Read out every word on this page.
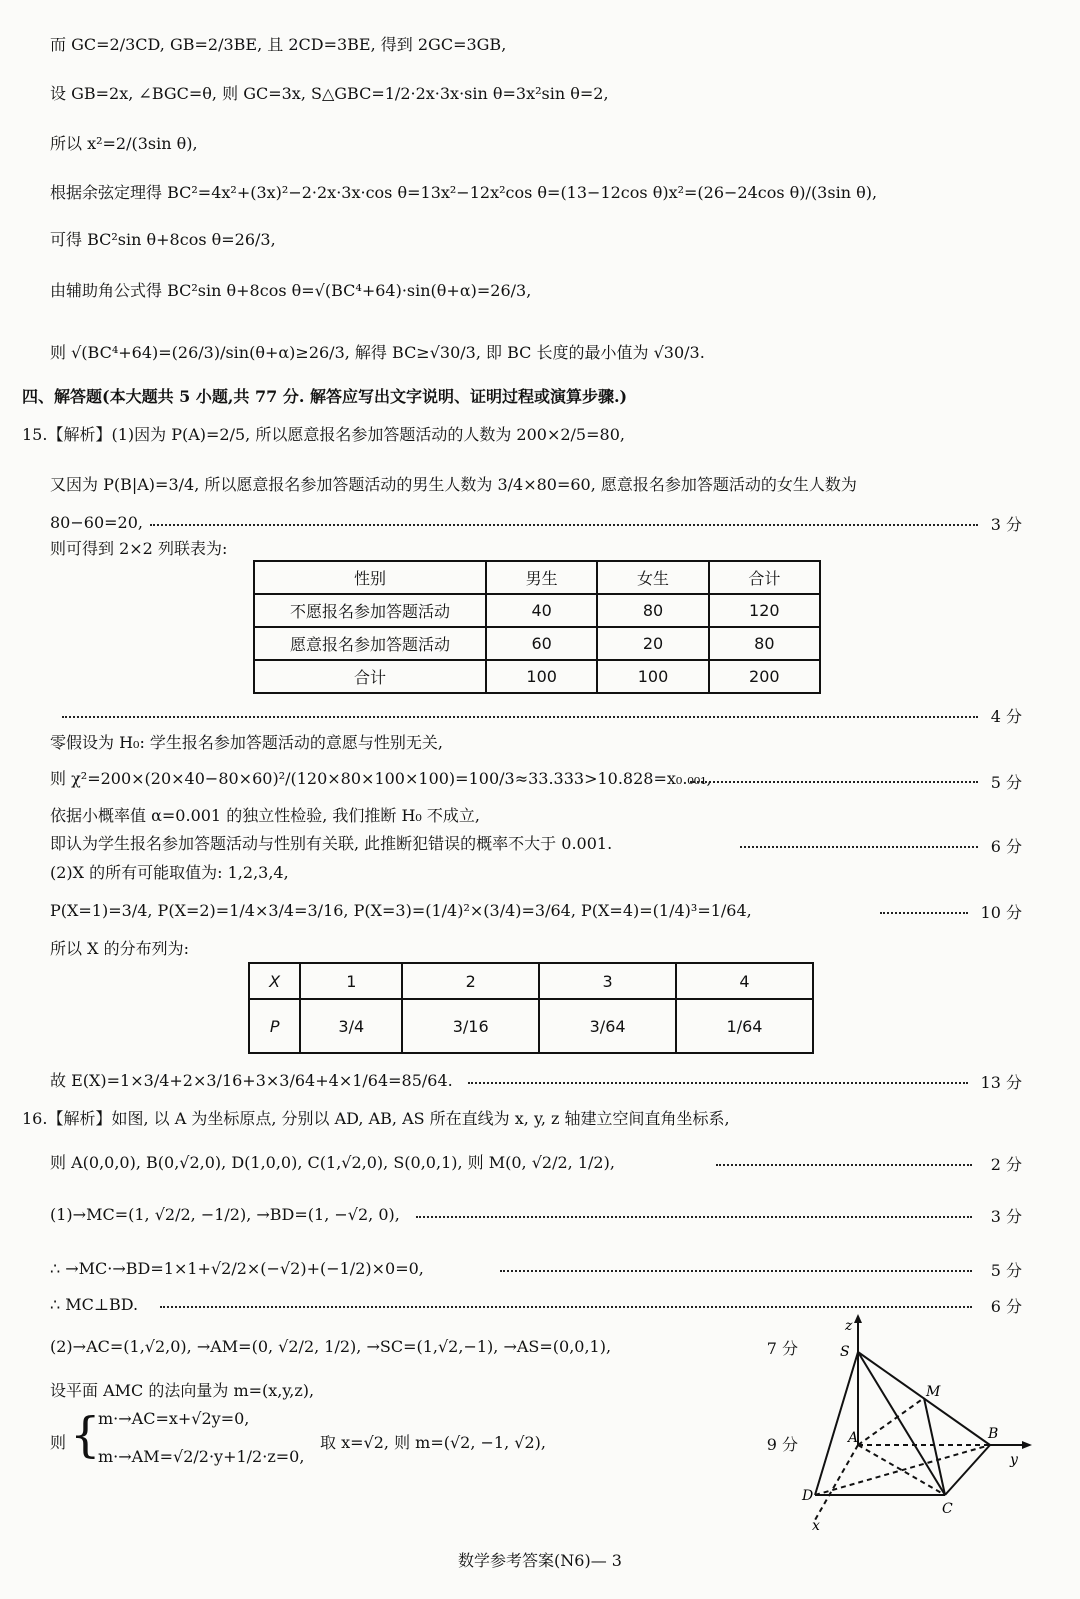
而 GC=2/3CD, GB=2/3BE, 且 2CD=3BE, 得到 2GC=3GB,
设 GB=2x, ∠BGC=θ, 则 GC=3x, S△GBC=1/2·2x·3x·sin θ=3x²sin θ=2,
所以 x²=2/(3sin θ),
根据余弦定理得 BC²=4x²+(3x)²−2·2x·3x·cos θ=13x²−12x²cos θ=(13−12cos θ)x²=(26−24cos θ)/(3sin θ),
可得 BC²sin θ+8cos θ=26/3,
由辅助角公式得 BC²sin θ+8cos θ=√(BC⁴+64)·sin(θ+α)=26/3,
则 √(BC⁴+64)=(26/3)/sin(θ+α)≥26/3, 解得 BC≥√30/3, 即 BC 长度的最小值为 √30/3.
四、解答题(本大题共 5 小题,共 77 分. 解答应写出文字说明、证明过程或演算步骤.)
15.【解析】(1)因为 P(A)=2/5, 所以愿意报名参加答题活动的人数为 200×2/5=80,
又因为 P(B|A)=3/4, 所以愿意报名参加答题活动的男生人数为 3/4×80=60, 愿意报名参加答题活动的女生人数为
80−60=20,	3 分
则可得到 2×2 列联表为:
性别	男生	女生	合计
不愿报名参加答题活动	40	80	120
愿意报名参加答题活动	60	20	80
合计	100	100	200
4 分
零假设为 H₀: 学生报名参加答题活动的意愿与性别无关,
则 χ²=200×(20×40−80×60)²/(120×80×100×100)=100/3≈33.333>10.828=x₀.₀₀₁,	5 分
依据小概率值 α=0.001 的独立性检验, 我们推断 H₀ 不成立,
即认为学生报名参加答题活动与性别有关联, 此推断犯错误的概率不大于 0.001.	6 分
(2)X 的所有可能取值为: 1,2,3,4,
P(X=1)=3/4, P(X=2)=1/4×3/4=3/16, P(X=3)=(1/4)²×(3/4)=3/64, P(X=4)=(1/4)³=1/64,	10 分
所以 X 的分布列为:
X	1	2	3	4
P	3/4	3/16	3/64	1/64
故 E(X)=1×3/4+2×3/16+3×3/64+4×1/64=85/64.	13 分
16.【解析】如图, 以 A 为坐标原点, 分别以 AD, AB, AS 所在直线为 x, y, z 轴建立空间直角坐标系,
则 A(0,0,0), B(0,√2,0), D(1,0,0), C(1,√2,0), S(0,0,1), 则 M(0, √2/2, 1/2),	2 分
(1)→MC=(1, √2/2, −1/2), →BD=(1, −√2, 0),	3 分
∴ →MC·→BD=1×1+√2/2×(−√2)+(−1/2)×0=0,	5 分
∴ MC⊥BD.	6 分
(2)→AC=(1,√2,0), →AM=(0, √2/2, 1/2), →SC=(1,√2,−1), →AS=(0,0,1),	7 分
设平面 AMC 的法向量为 m=(x,y,z),
则 {
m·→AC=x+√2y=0,
m·→AM=√2/2·y+1/2·z=0,
取 x=√2, 则 m=(√2, −1, √2),	9 分
z
S
M
A	B
y
D
C
x
数学参考答案(N6)— 3
